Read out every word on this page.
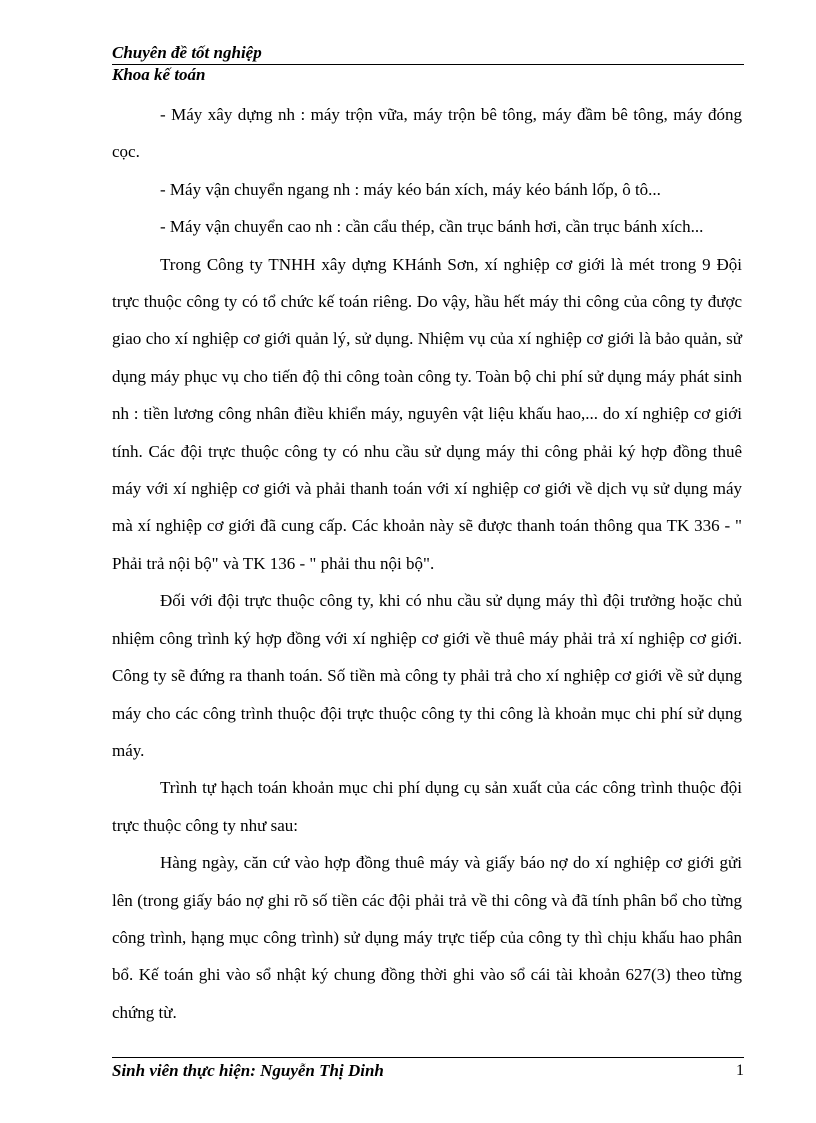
Chuyên đề tốt nghiệp
Khoa kế toán

- Máy xây dựng nh : máy trộn vữa, máy trộn bê tông, máy đầm bê tông, máy đóng cọc.

- Máy vận chuyển ngang nh : máy kéo bán xích, máy kéo bánh lốp, ô tô...

- Máy vận chuyển cao nh : cần cẩu thép, cần trục bánh hơi, cần trục bánh xích...

Trong Công ty TNHH xây dựng KHánh Sơn, xí nghiệp cơ giới là mét trong 9 Đội trực thuộc công ty có tổ chức kế toán riêng. Do vậy, hầu hết máy thi công của công ty được giao cho xí nghiệp cơ giới quản lý, sử dụng. Nhiệm vụ của xí nghiệp cơ giới là bảo quản, sử dụng máy phục vụ cho tiến độ thi công toàn công ty. Toàn bộ chi phí sử dụng máy phát sinh nh : tiền lương công nhân điều khiển máy, nguyên vật liệu khấu hao,... do xí nghiệp cơ giới tính. Các đội trực thuộc công ty có nhu cầu sử dụng máy thi công phải ký hợp đồng thuê máy với xí nghiệp cơ giới và phải thanh toán với xí nghiệp cơ giới về dịch vụ sử dụng máy mà xí nghiệp cơ giới đã cung cấp. Các khoản này sẽ được thanh toán thông qua TK 336 - " Phải trả nội bộ" và TK 136 - " phải thu nội bộ".

Đối với đội trực thuộc công ty, khi có nhu cầu sử dụng máy thì đội trưởng hoặc chủ nhiệm công trình ký hợp đồng với xí nghiệp cơ giới về thuê máy phải trả xí nghiệp cơ giới. Công ty sẽ đứng ra thanh toán. Số tiền mà công ty phải trả cho xí nghiệp cơ giới về sử dụng máy cho các công trình thuộc đội trực thuộc công ty thi công là khoản mục chi phí sử dụng máy.

Trình tự hạch toán khoản mục chi phí dụng cụ sản xuất của các công trình thuộc đội trực thuộc công ty như sau:

Hàng ngày, căn cứ vào hợp đồng thuê máy và giấy báo nợ do xí nghiệp cơ giới gửi lên (trong giấy báo nợ ghi rõ số tiền các đội phải trả về thi công và đã tính phân bổ cho từng công trình, hạng mục công trình) sử dụng máy trực tiếp của công ty thì chịu khấu hao phân bổ. Kế toán ghi vào sổ nhật ký chung đồng thời ghi vào sổ cái tài khoản 627(3) theo từng chứng từ.

Sinh viên thực hiện: Nguyễn Thị Dinh	1
